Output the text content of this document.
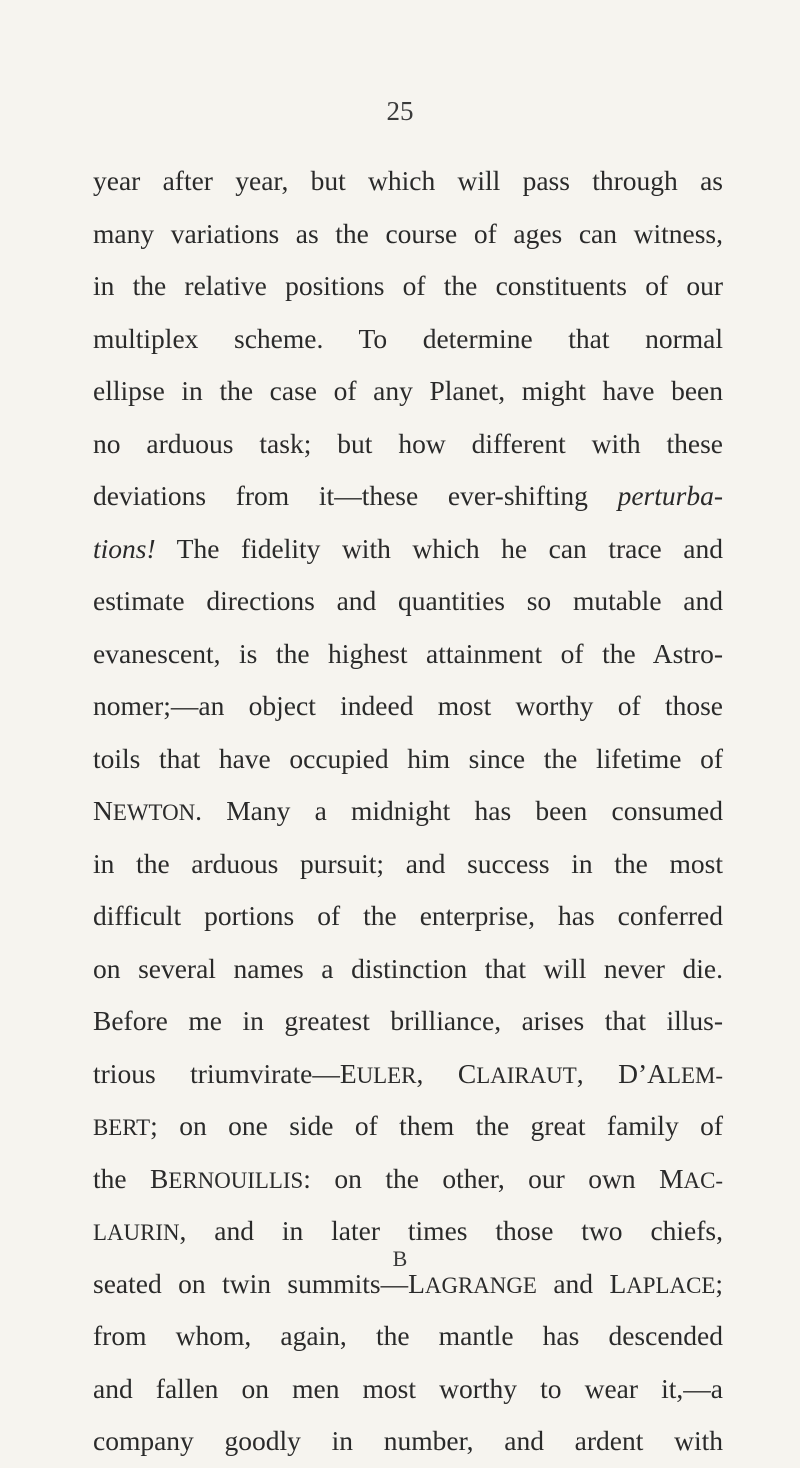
25
year after year, but which will pass through as
many variations as the course of ages can witness,
in the relative positions of the constituents of our
multiplex scheme. To determine that normal
ellipse in the case of any Planet, might have been
no arduous task; but how different with these
deviations from it—these ever-shifting perturba-
tions! The fidelity with which he can trace and
estimate directions and quantities so mutable and
evanescent, is the highest attainment of the Astro-
nomer;—an object indeed most worthy of those
toils that have occupied him since the lifetime of
NEWTON. Many a midnight has been consumed
in the arduous pursuit; and success in the most
difficult portions of the enterprise, has conferred
on several names a distinction that will never die.
Before me in greatest brilliance, arises that illus-
trious triumvirate—EULER, CLAIRAUT, D’ALEM-
BERT; on one side of them the great family of
the BERNOUILLIS: on the other, our own MAC-
LAURIN, and in later times those two chiefs,
seated on twin summits—LAGRANGE and LAPLACE;
from whom, again, the mantle has descended
and fallen on men most worthy to wear it,—a
company goodly in number, and ardent with
B
